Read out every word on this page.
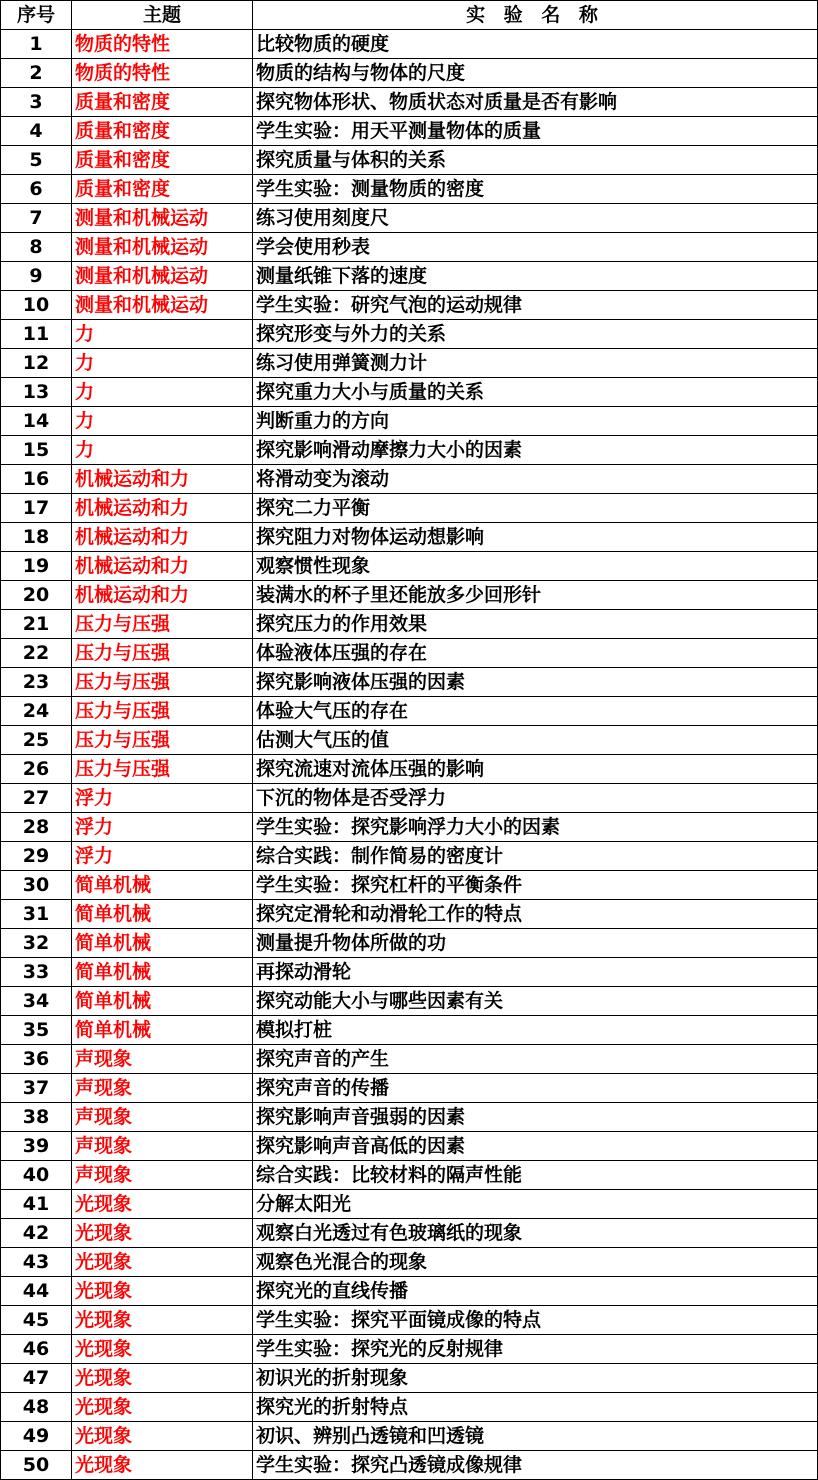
序号	主题	实 验 名 称
1	物质的特性	比较物质的硬度
2	物质的特性	物质的结构与物体的尺度
3	质量和密度	探究物体形状、物质状态对质量是否有影响
4	质量和密度	学生实验：用天平测量物体的质量
5	质量和密度	探究质量与体积的关系
6	质量和密度	学生实验：测量物质的密度
7	测量和机械运动	练习使用刻度尺
8	测量和机械运动	学会使用秒表
9	测量和机械运动	测量纸锥下落的速度
10	测量和机械运动	学生实验：研究气泡的运动规律
11	力	探究形变与外力的关系
12	力	练习使用弹簧测力计
13	力	探究重力大小与质量的关系
14	力	判断重力的方向
15	力	探究影响滑动摩擦力大小的因素
16	机械运动和力	将滑动变为滚动
17	机械运动和力	探究二力平衡
18	机械运动和力	探究阻力对物体运动想影响
19	机械运动和力	观察惯性现象
20	机械运动和力	装满水的杯子里还能放多少回形针
21	压力与压强	探究压力的作用效果
22	压力与压强	体验液体压强的存在
23	压力与压强	探究影响液体压强的因素
24	压力与压强	体验大气压的存在
25	压力与压强	估测大气压的值
26	压力与压强	探究流速对流体压强的影响
27	浮力	下沉的物体是否受浮力
28	浮力	学生实验：探究影响浮力大小的因素
29	浮力	综合实践：制作简易的密度计
30	简单机械	学生实验：探究杠杆的平衡条件
31	简单机械	探究定滑轮和动滑轮工作的特点
32	简单机械	测量提升物体所做的功
33	简单机械	再探动滑轮
34	简单机械	探究动能大小与哪些因素有关
35	简单机械	模拟打桩
36	声现象	探究声音的产生
37	声现象	探究声音的传播
38	声现象	探究影响声音强弱的因素
39	声现象	探究影响声音高低的因素
40	声现象	综合实践：比较材料的隔声性能
41	光现象	分解太阳光
42	光现象	观察白光透过有色玻璃纸的现象
43	光现象	观察色光混合的现象
44	光现象	探究光的直线传播
45	光现象	学生实验：探究平面镜成像的特点
46	光现象	学生实验：探究光的反射规律
47	光现象	初识光的折射现象
48	光现象	探究光的折射特点
49	光现象	初识、辨别凸透镜和凹透镜
50	光现象	学生实验：探究凸透镜成像规律
